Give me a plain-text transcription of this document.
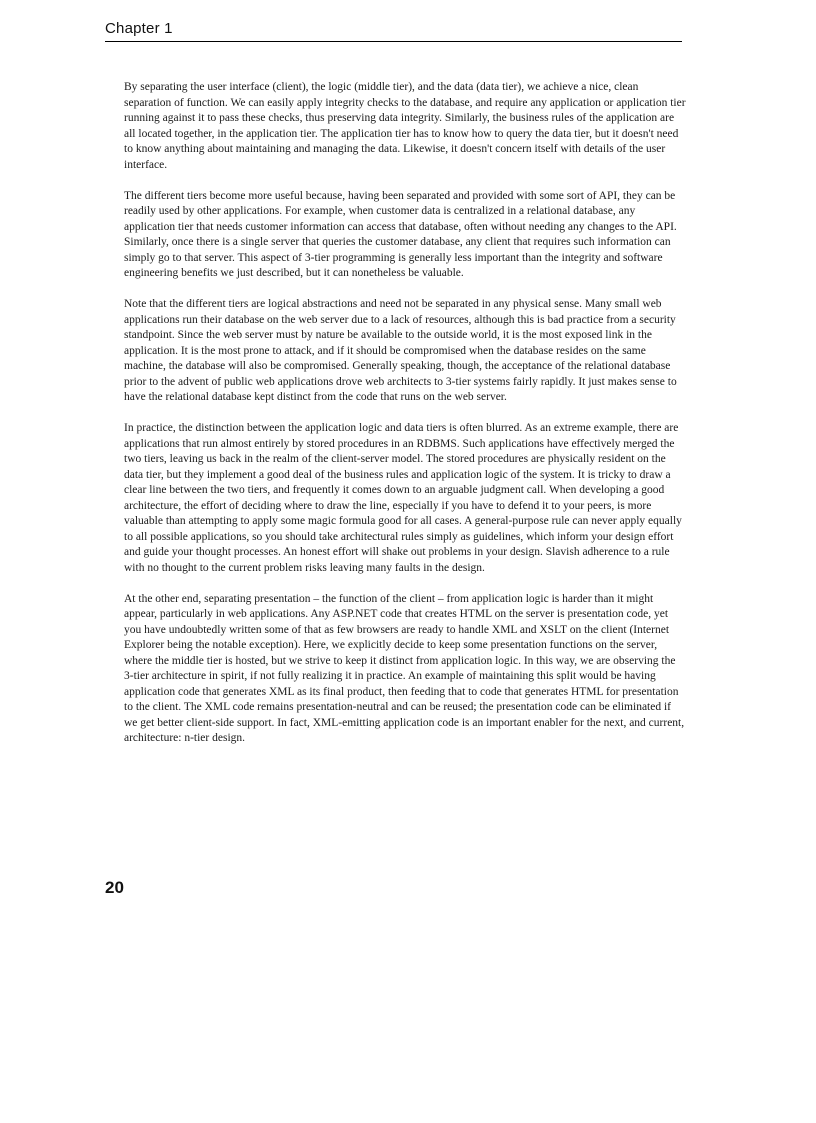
Chapter 1

By separating the user interface (client), the logic (middle tier), and the data (data tier), we achieve a nice, clean separation of function. We can easily apply integrity checks to the database, and require any application or application tier running against it to pass these checks, thus preserving data integrity. Similarly, the business rules of the application are all located together, in the application tier. The application tier has to know how to query the data tier, but it doesn't need to know anything about maintaining and managing the data. Likewise, it doesn't concern itself with details of the user interface.

The different tiers become more useful because, having been separated and provided with some sort of API, they can be readily used by other applications. For example, when customer data is centralized in a relational database, any application tier that needs customer information can access that database, often without needing any changes to the API. Similarly, once there is a single server that queries the customer database, any client that requires such information can simply go to that server. This aspect of 3-tier programming is generally less important than the integrity and software engineering benefits we just described, but it can nonetheless be valuable.

Note that the different tiers are logical abstractions and need not be separated in any physical sense. Many small web applications run their database on the web server due to a lack of resources, although this is bad practice from a security standpoint. Since the web server must by nature be available to the outside world, it is the most exposed link in the application. It is the most prone to attack, and if it should be compromised when the database resides on the same machine, the database will also be compromised. Generally speaking, though, the acceptance of the relational database prior to the advent of public web applications drove web architects to 3-tier systems fairly rapidly. It just makes sense to have the relational database kept distinct from the code that runs on the web server.

In practice, the distinction between the application logic and data tiers is often blurred. As an extreme example, there are applications that run almost entirely by stored procedures in an RDBMS. Such applications have effectively merged the two tiers, leaving us back in the realm of the client-server model. The stored procedures are physically resident on the data tier, but they implement a good deal of the business rules and application logic of the system. It is tricky to draw a clear line between the two tiers, and frequently it comes down to an arguable judgment call. When developing a good architecture, the effort of deciding where to draw the line, especially if you have to defend it to your peers, is more valuable than attempting to apply some magic formula good for all cases. A general-purpose rule can never apply equally to all possible applications, so you should take architectural rules simply as guidelines, which inform your design effort and guide your thought processes. An honest effort will shake out problems in your design. Slavish adherence to a rule with no thought to the current problem risks leaving many faults in the design.

At the other end, separating presentation – the function of the client – from application logic is harder than it might appear, particularly in web applications. Any ASP.NET code that creates HTML on the server is presentation code, yet you have undoubtedly written some of that as few browsers are ready to handle XML and XSLT on the client (Internet Explorer being the notable exception). Here, we explicitly decide to keep some presentation functions on the server, where the middle tier is hosted, but we strive to keep it distinct from application logic. In this way, we are observing the 3-tier architecture in spirit, if not fully realizing it in practice. An example of maintaining this split would be having application code that generates XML as its final product, then feeding that to code that generates HTML for presentation to the client. The XML code remains presentation-neutral and can be reused; the presentation code can be eliminated if we get better client-side support. In fact, XML-emitting application code is an important enabler for the next, and current, architecture: n-tier design.

20
